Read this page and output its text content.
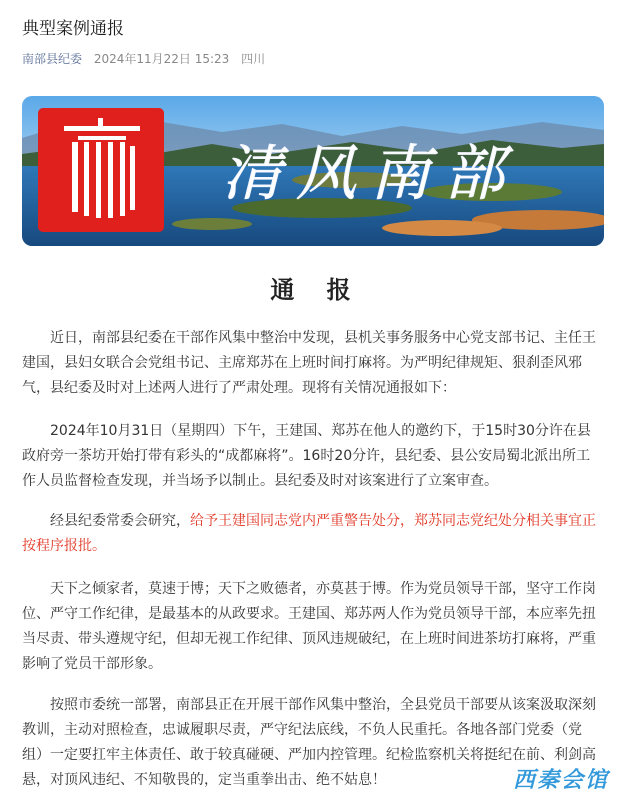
典型案例通报
南部县纪委 2024年11月22日 15:23 四川
清风南部
通 报

近日，南部县纪委在干部作风集中整治中发现，县机关事务服务中心党支部书记、主任王建国，县妇女联合会党组书记、主席郑苏在上班时间打麻将。为严明纪律规矩、狠刹歪风邪气，县纪委及时对上述两人进行了严肃处理。现将有关情况通报如下：

2024年10月31日（星期四）下午，王建国、郑苏在他人的邀约下，于15时30分许在县政府旁一茶坊开始打带有彩头的“成都麻将”。16时20分许，县纪委、县公安局蜀北派出所工作人员监督检查发现，并当场予以制止。县纪委及时对该案进行了立案审查。

经县纪委常委会研究，给予王建国同志党内严重警告处分，郑苏同志党纪处分相关事宜正按程序报批。

天下之倾家者，莫速于博；天下之败德者，亦莫甚于博。作为党员领导干部，坚守工作岗位、严守工作纪律，是最基本的从政要求。王建国、郑苏两人作为党员领导干部，本应率先扭当尽责、带头遵规守纪，但却无视工作纪律、顶风违规破纪，在上班时间进茶坊打麻将，严重影响了党员干部形象。

按照市委统一部署，南部县正在开展干部作风集中整治，全县党员干部要从该案汲取深刻教训，主动对照检查，忠诚履职尽责，严守纪法底线，不负人民重托。各地各部门党委（党组）一定要扛牢主体责任、敢于较真碰硬、严加内控管理。纪检监察机关将挺纪在前、利剑高悬，对顶风违纪、不知敬畏的，定当重拳出击、绝不姑息！	西秦会馆
